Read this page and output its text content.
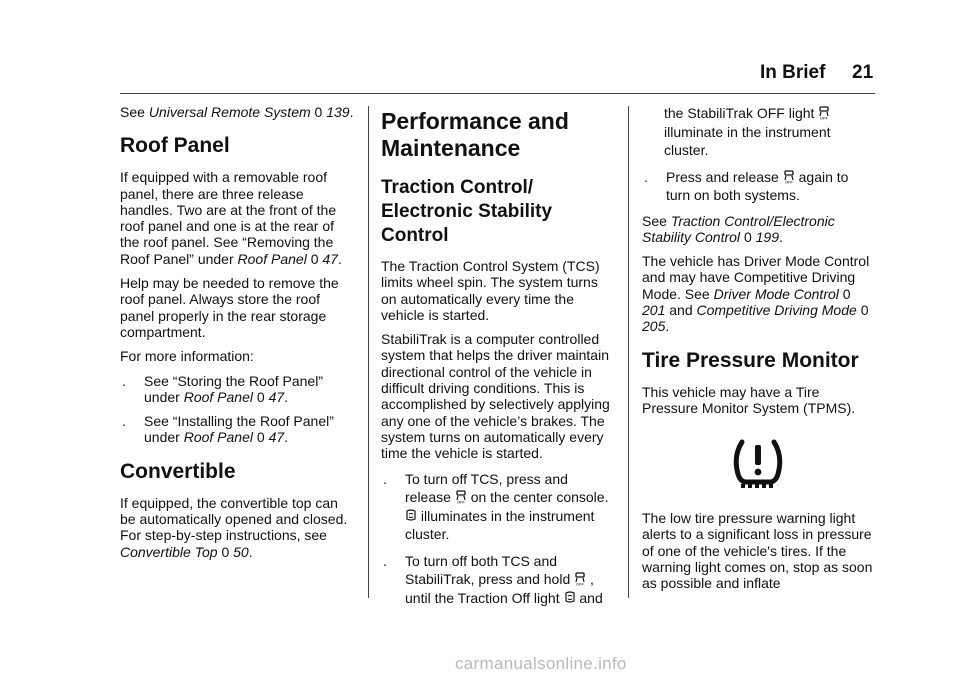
In Brief 21

See Universal Remote System 0 139.

Roof Panel

If equipped with a removable roof panel, there are three release handles. Two are at the front of the roof panel and one is at the rear of the roof panel. See “Removing the Roof Panel” under Roof Panel 0 47.

Help may be needed to remove the roof panel. Always store the roof panel properly in the rear storage compartment.

For more information:

. See “Storing the Roof Panel” under Roof Panel 0 47.
. See “Installing the Roof Panel” under Roof Panel 0 47.
Convertible

If equipped, the convertible top can be automatically opened and closed. For step-by-step instructions, see Convertible Top 0 50.

Performance and Maintenance
Traction Control/ Electronic Stability Control

The Traction Control System (TCS) limits wheel spin. The system turns on automatically every time the vehicle is started.

StabiliTrak is a computer controlled system that helps the driver maintain directional control of the vehicle in difficult driving conditions. This is accomplished by selectively applying any one of the vehicle’s brakes. The system turns on automatically every time the vehicle is started.

. To turn off TCS, press and release OFF on the center console.  illuminates in the instrument cluster.
. To turn off both TCS and StabiliTrak, press and hold OFF , until the Traction Off light and
the StabiliTrak OFF light OFF
illuminate in the instrument cluster.
. Press and release OFF again to turn on both systems.

See Traction Control/Electronic Stability Control 0 199.

The vehicle has Driver Mode Control and may have Competitive Driving Mode. See Driver Mode Control 0 201 and Competitive Driving Mode 0 205.

Tire Pressure Monitor

This vehicle may have a Tire Pressure Monitor System (TPMS).

The low tire pressure warning light alerts to a significant loss in pressure of one of the vehicle's tires. If the warning light comes on, stop as soon as possible and inflate

carmanualsonline.info
